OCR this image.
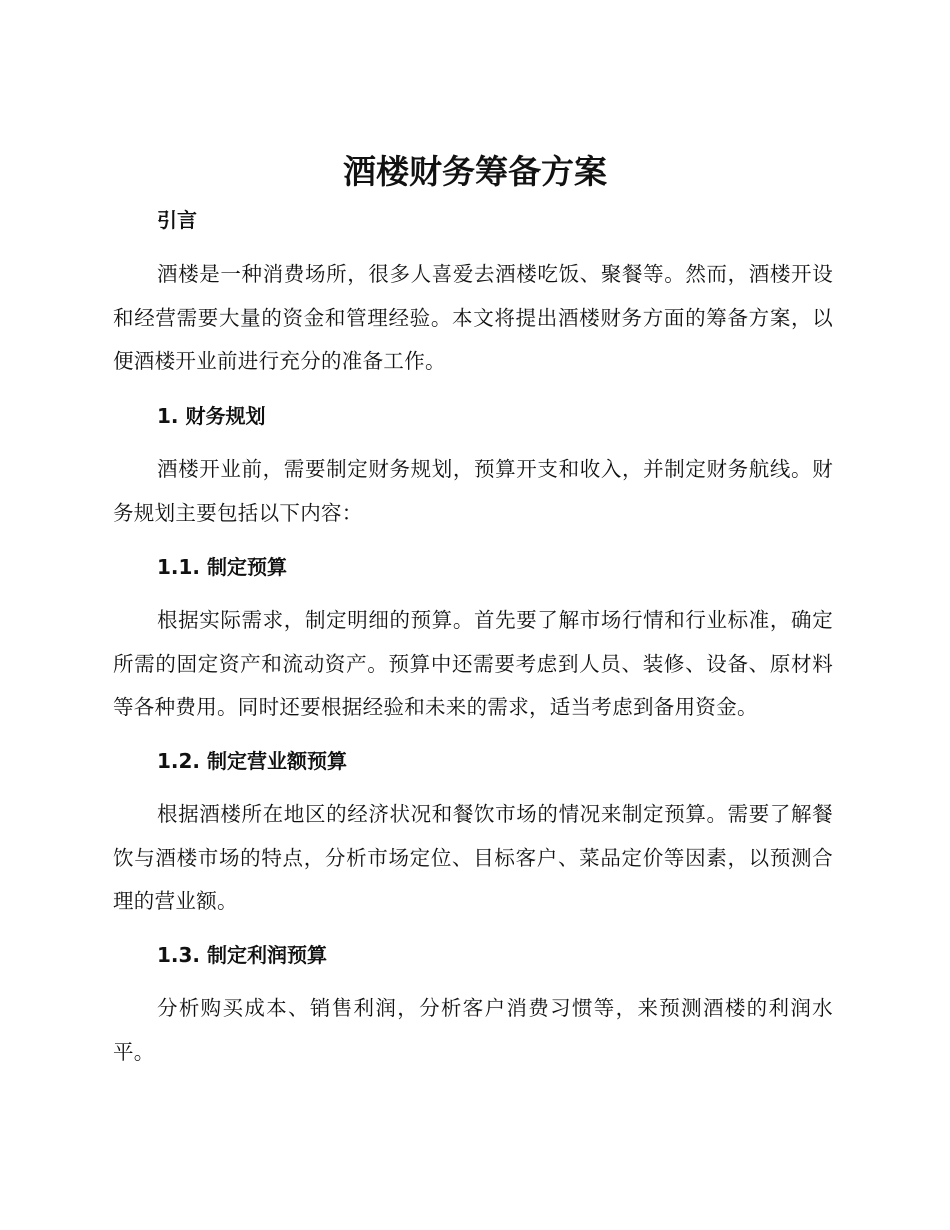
酒楼财务筹备方案
引言

酒楼是一种消费场所，很多人喜爱去酒楼吃饭、聚餐等。然而，酒楼开设和经营需要大量的资金和管理经验。本文将提出酒楼财务方面的筹备方案，以便酒楼开业前进行充分的准备工作。

1. 财务规划

酒楼开业前，需要制定财务规划，预算开支和收入，并制定财务航线。财务规划主要包括以下内容：

1.1. 制定预算

根据实际需求，制定明细的预算。首先要了解市场行情和行业标准，确定所需的固定资产和流动资产。预算中还需要考虑到人员、装修、设备、原材料等各种费用。同时还要根据经验和未来的需求，适当考虑到备用资金。

1.2. 制定营业额预算

根据酒楼所在地区的经济状况和餐饮市场的情况来制定预算。需要了解餐饮与酒楼市场的特点，分析市场定位、目标客户、菜品定价等因素，以预测合理的营业额。

1.3. 制定利润预算

分析购买成本、销售利润，分析客户消费习惯等，来预测酒楼的利润水平。
